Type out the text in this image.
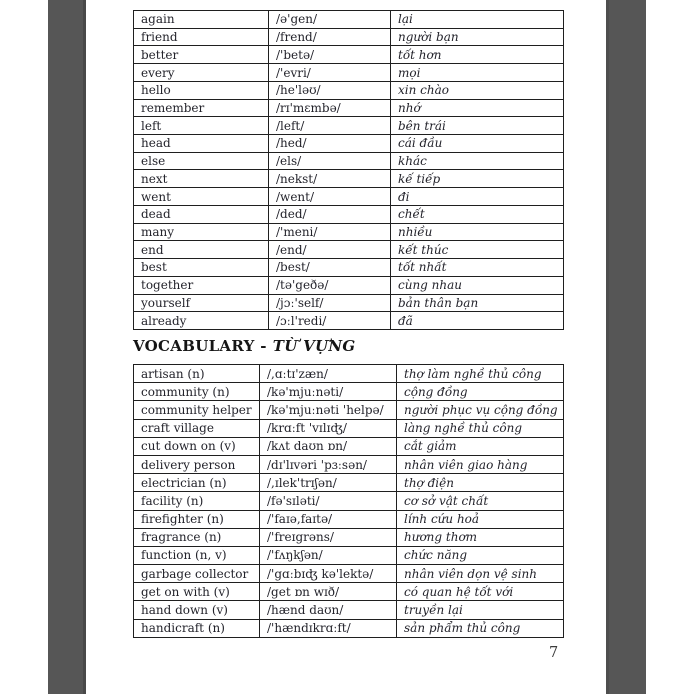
again	/ə'gen/	lại
friend	/frend/	người bạn
better	/'betə/	tốt hơn
every	/'evri/	mọi
hello	/he'ləʊ/	xin chào
remember	/rɪ'mɛmbə/	nhớ
left	/left/	bên trái
head	/hed/	cái đầu
else	/els/	khác
next	/nekst/	kế tiếp
went	/went/	đi
dead	/ded/	chết
many	/'meni/	nhiều
end	/end/	kết thúc
best	/best/	tốt nhất
together	/tə'geðə/	cùng nhau
yourself	/jɔː'self/	bản thân bạn
already	/ɔːl'redi/	đã
VOCABULARY - TỪ VỰNG
artisan (n)	/,ɑːtɪ'zæn/	thợ làm nghề thủ công
community (n)	/kə'mjuːnəti/	cộng đồng
community helper	/kə'mjuːnəti 'helpə/	người phục vụ cộng đồng
craft village	/krɑːft 'vɪlɪʤ/	làng nghề thủ công
cut down on (v)	/kʌt daʊn ɒn/	cắt giảm
delivery person	/dɪ'lɪvəri 'pɜːsən/	nhân viên giao hàng
electrician (n)	/,ɪlek'trɪʃən/	thợ điện
facility (n)	/fə'sɪləti/	cơ sở vật chất
firefighter (n)	/'faɪə,faɪtə/	lính cứu hoả
fragrance (n)	/'freɪgrəns/	hương thơm
function (n, v)	/'fʌŋkʃən/	chức năng
garbage collector	/'gɑːbɪʤ kə'lektə/	nhân viên dọn vệ sinh
get on with (v)	/get ɒn wɪð/	có quan hệ tốt với
hand down (v)	/hænd daʊn/	truyền lại
handicraft (n)	/'hændɪkrɑːft/	sản phẩm thủ công
7
